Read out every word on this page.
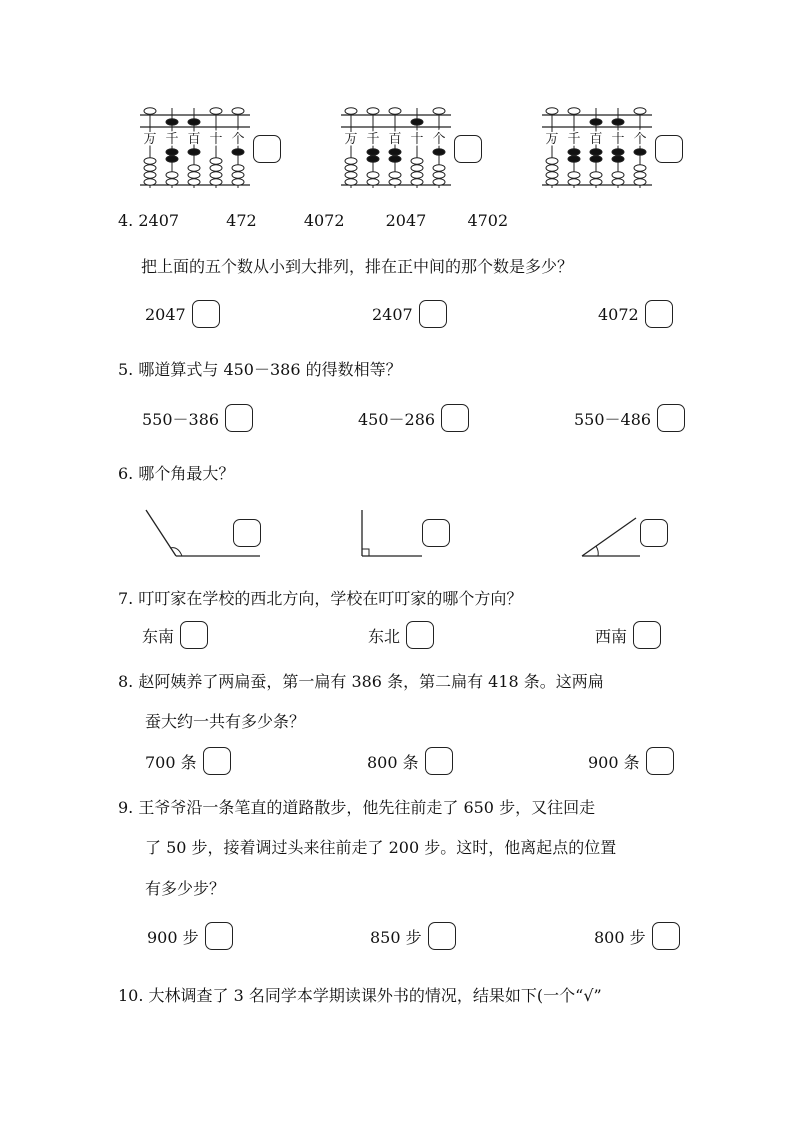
万 千 百 十 个	万 千 百 十 个	万 千 百 十 个
4. 2407	472	4072	2047	4702
把上面的五个数从小到大排列，排在正中间的那个数是多少？
2047	2407	4072
5. 哪道算式与 450－386 的得数相等？
550－386	450－286	550－486
6. 哪个角最大？
7. 叮叮家在学校的西北方向，学校在叮叮家的哪个方向？
东南	东北	西南
8. 赵阿姨养了两扁蚕，第一扁有 386 条，第二扁有 418 条。这两扁
蚕大约一共有多少条？
700 条	800 条	900 条
9. 王爷爷沿一条笔直的道路散步，他先往前走了 650 步，又往回走
了 50 步，接着调过头来往前走了 200 步。这时，他离起点的位置
有多少步？
900 步	850 步	800 步
10. 大林调查了 3 名同学本学期读课外书的情况，结果如下(一个“√”
